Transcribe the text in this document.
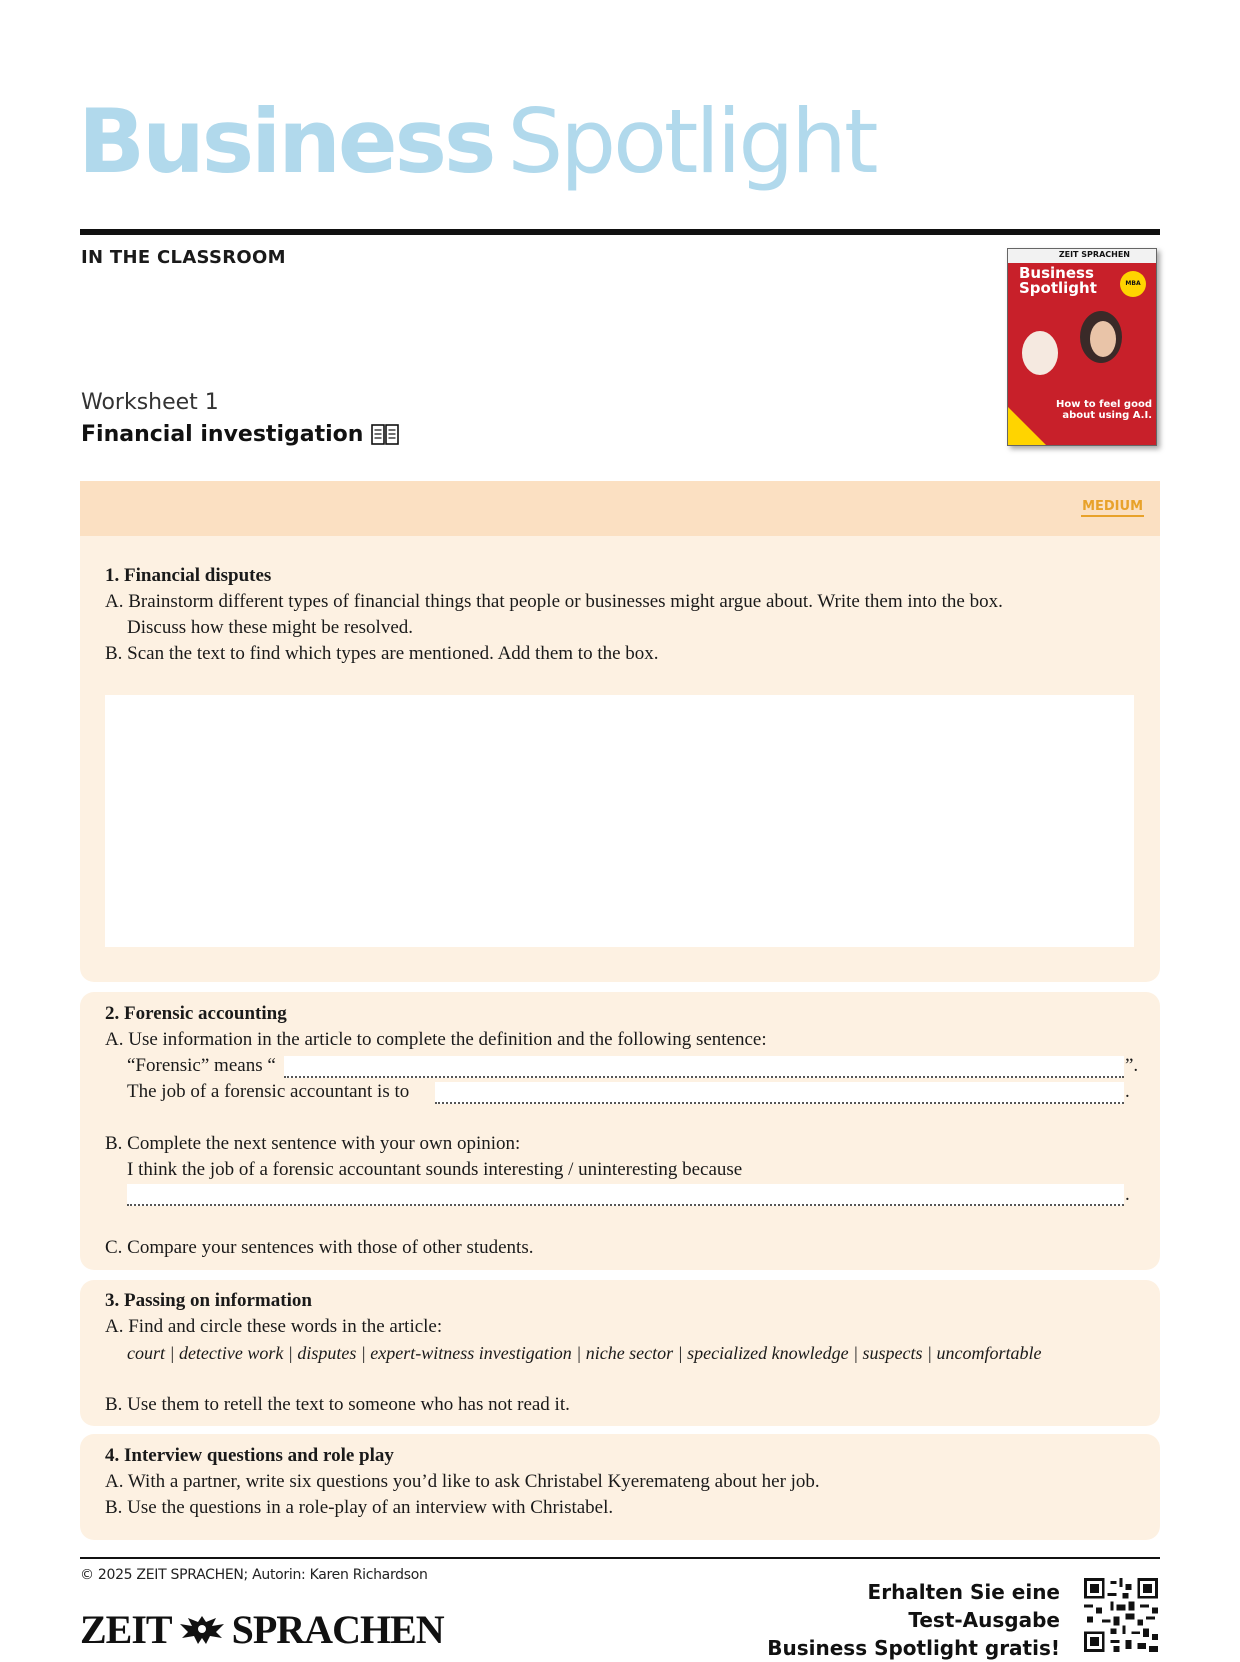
Business Spotlight
IN THE CLASSROOM	ZEIT SPRACHEN
Business
Spotlight	MBA
How to feel good about using A.I.
Worksheet 1
Financial investigation
MEDIUM
1. Financial disputes
A. Brainstorm different types of financial things that people or businesses might argue about. Write them into the box.
Discuss how these might be resolved.
B. Scan the text to find which types are mentioned. Add them to the box.
2. Forensic accounting
A. Use information in the article to complete the definition and the following sentence:
“Forensic” means “	”.
The job of a forensic accountant is to	.
B. Complete the next sentence with your own opinion:
I think the job of a forensic accountant sounds interesting / uninteresting because
.
C. Compare your sentences with those of other students.
3. Passing on information
A. Find and circle these words in the article:
court | detective work | disputes | expert-witness investigation | niche sector | specialized knowledge | suspects | uncomfortable
B. Use them to retell the text to someone who has not read it.
4. Interview questions and role play
A. With a partner, write six questions you’d like to ask Christabel Kyeremateng about her job.
B. Use the questions in a role-play of an interview with Christabel.
© 2025 ZEIT SPRACHEN; Autorin: Karen Richardson
ZEIT SPRACHEN
Erhalten Sie eine
Test-Ausgabe
Business Spotlight gratis!
